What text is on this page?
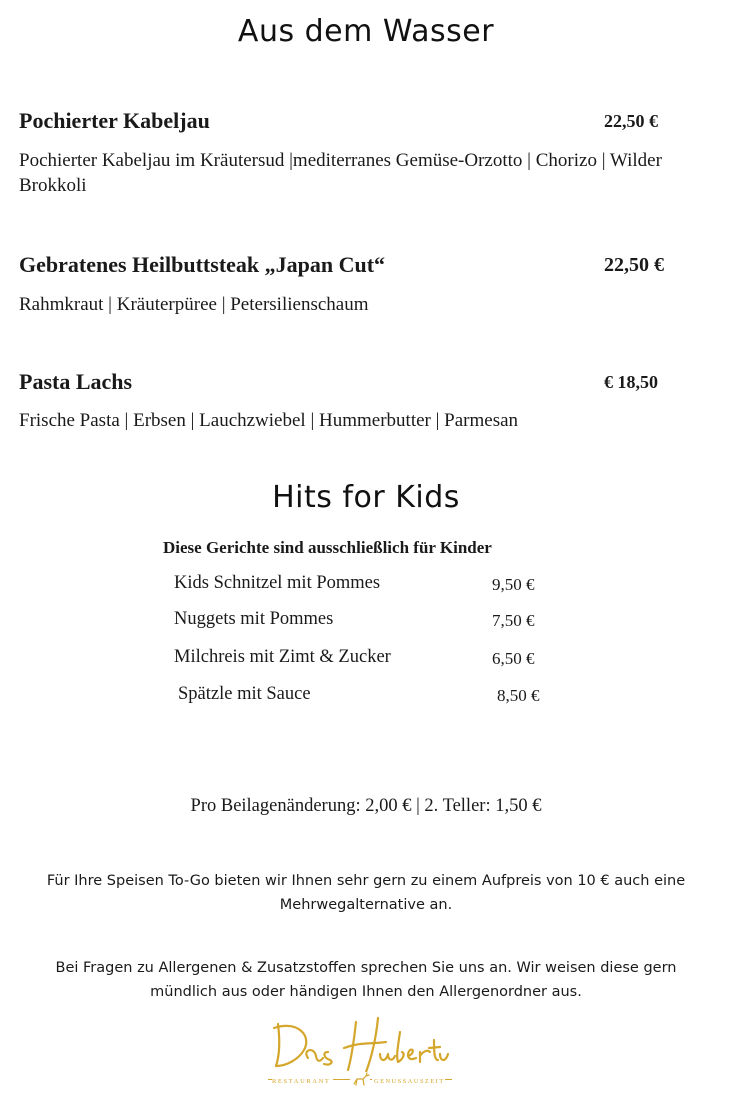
Aus dem Wasser
Pochierter Kabeljau	22,50 €
Pochierter Kabeljau im Kräutersud |mediterranes Gemüse-Orzotto | Chorizo | Wilder Brokkoli
Gebratenes Heilbuttsteak „Japan Cut“	22,50 €
Rahmkraut | Kräuterpüree | Petersilienschaum
Pasta Lachs	€ 18,50
Frische Pasta | Erbsen | Lauchzwiebel | Hummerbutter | Parmesan
Hits for Kids
Diese Gerichte sind ausschließlich für Kinder
Kids Schnitzel mit Pommes	9,50 €
Nuggets mit Pommes	7,50 €
Milchreis mit Zimt & Zucker	6,50 €
Spätzle mit Sauce	8,50 €
Pro Beilagenänderung: 2,00 € | 2. Teller: 1,50 €
Für Ihre Speisen To-Go bieten wir Ihnen sehr gern zu einem Aufpreis von 10 € auch eine Mehrwegalternative an.
Bei Fragen zu Allergenen & Zusatzstoffen sprechen Sie uns an. Wir weisen diese gern mündlich aus oder händigen Ihnen den Allergenordner aus.
RESTAURANT	GENUSSAUSZEIT
